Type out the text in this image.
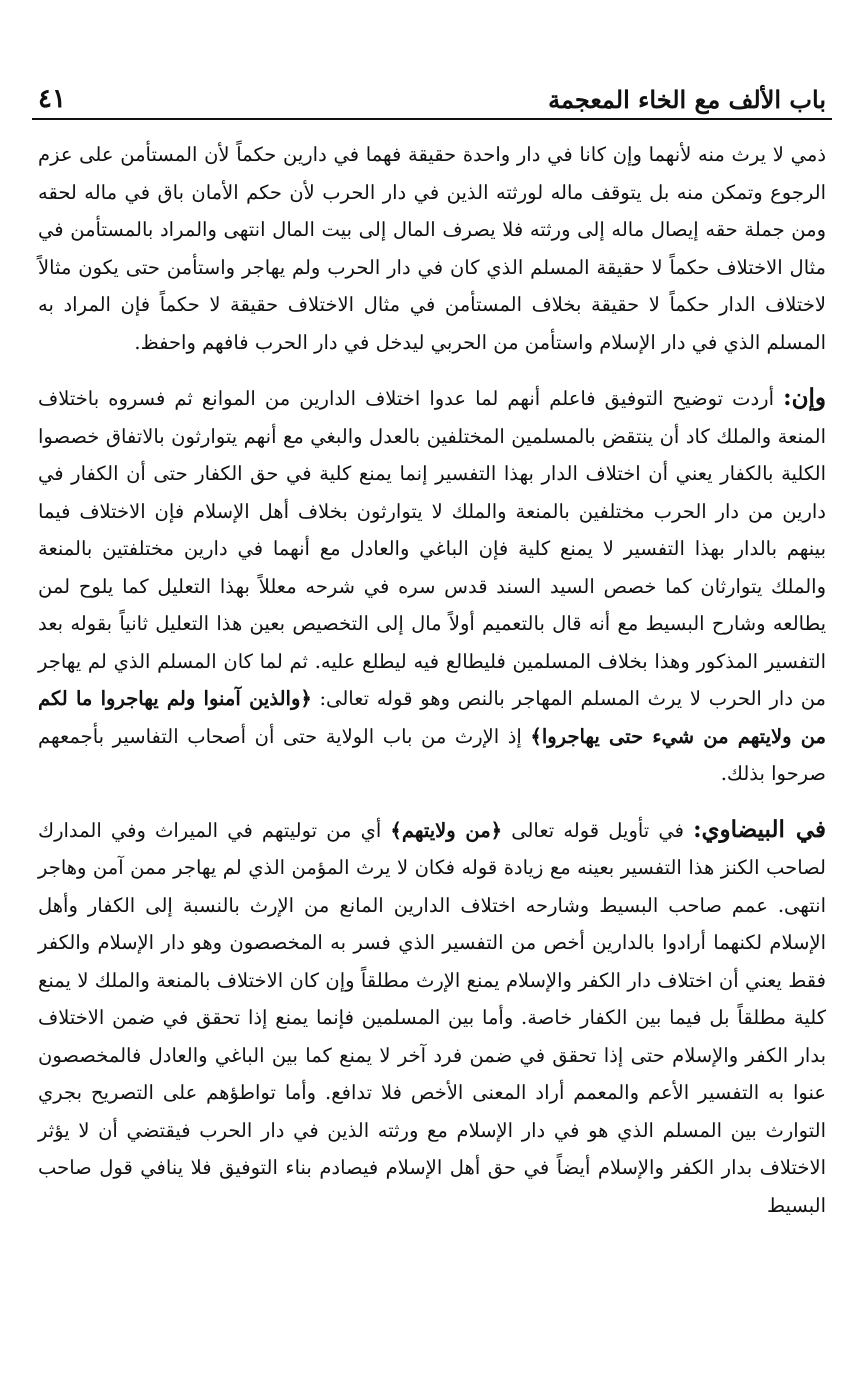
باب الألف مع الخاء المعجمة
٤١

ذمي لا يرث منه لأنهما وإن كانا في دار واحدة حقيقة فهما في دارين حكماً لأن المستأمن على عزم الرجوع وتمكن منه بل يتوقف ماله لورثته الذين في دار الحرب لأن حكم الأمان باق في ماله لحقه ومن جملة حقه إيصال ماله إلى ورثته فلا يصرف المال إلى بيت المال انتهى والمراد بالمستأمن في مثال الاختلاف حكماً لا حقيقة المسلم الذي كان في دار الحرب ولم يهاجر واستأمن حتى يكون مثالاً لاختلاف الدار حكماً لا حقيقة بخلاف المستأمن في مثال الاختلاف حقيقة لا حكماً فإن المراد به المسلم الذي في دار الإسلام واستأمن من الحربي ليدخل في دار الحرب فافهم واحفظ.

وإن: أردت توضيح التوفيق فاعلم أنهم لما عدوا اختلاف الدارين من الموانع ثم فسروه باختلاف المنعة والملك كاد أن ينتقض بالمسلمين المختلفين بالعدل والبغي مع أنهم يتوارثون بالاتفاق خصصوا الكلية بالكفار يعني أن اختلاف الدار بهذا التفسير إنما يمنع كلية في حق الكفار حتى أن الكفار في دارين من دار الحرب مختلفين بالمنعة والملك لا يتوارثون بخلاف أهل الإسلام فإن الاختلاف فيما بينهم بالدار بهذا التفسير لا يمنع كلية فإن الباغي والعادل مع أنهما في دارين مختلفتين بالمنعة والملك يتوارثان كما خصص السيد السند قدس سره في شرحه معللاً بهذا التعليل كما يلوح لمن يطالعه وشارح البسيط مع أنه قال بالتعميم أولاً مال إلى التخصيص بعين هذا التعليل ثانياً بقوله بعد التفسير المذكور وهذا بخلاف المسلمين فليطالع فيه ليطلع عليه. ثم لما كان المسلم الذي لم يهاجر من دار الحرب لا يرث المسلم المهاجر بالنص وهو قوله تعالى: ﴿والذين آمنوا ولم يهاجروا ما لكم من ولايتهم من شيء حتى يهاجروا﴾ إذ الإرث من باب الولاية حتى أن أصحاب التفاسير بأجمعهم صرحوا بذلك.

في البيضاوي: في تأويل قوله تعالى ﴿من ولايتهم﴾ أي من توليتهم في الميراث وفي المدارك لصاحب الكنز هذا التفسير بعينه مع زيادة قوله فكان لا يرث المؤمن الذي لم يهاجر ممن آمن وهاجر انتهى. عمم صاحب البسيط وشارحه اختلاف الدارين المانع من الإرث بالنسبة إلى الكفار وأهل الإسلام لكنهما أرادوا بالدارين أخص من التفسير الذي فسر به المخصصون وهو دار الإسلام والكفر فقط يعني أن اختلاف دار الكفر والإسلام يمنع الإرث مطلقاً وإن كان الاختلاف بالمنعة والملك لا يمنع كلية مطلقاً بل فيما بين الكفار خاصة. وأما بين المسلمين فإنما يمنع إذا تحقق في ضمن الاختلاف بدار الكفر والإسلام حتى إذا تحقق في ضمن فرد آخر لا يمنع كما بين الباغي والعادل فالمخصصون عنوا به التفسير الأعم والمعمم أراد المعنى الأخص فلا تدافع. وأما تواطؤهم على التصريح بجري التوارث بين المسلم الذي هو في دار الإسلام مع ورثته الذين في دار الحرب فيقتضي أن لا يؤثر الاختلاف بدار الكفر والإسلام أيضاً في حق أهل الإسلام فيصادم بناء التوفيق فلا ينافي قول صاحب البسيط
